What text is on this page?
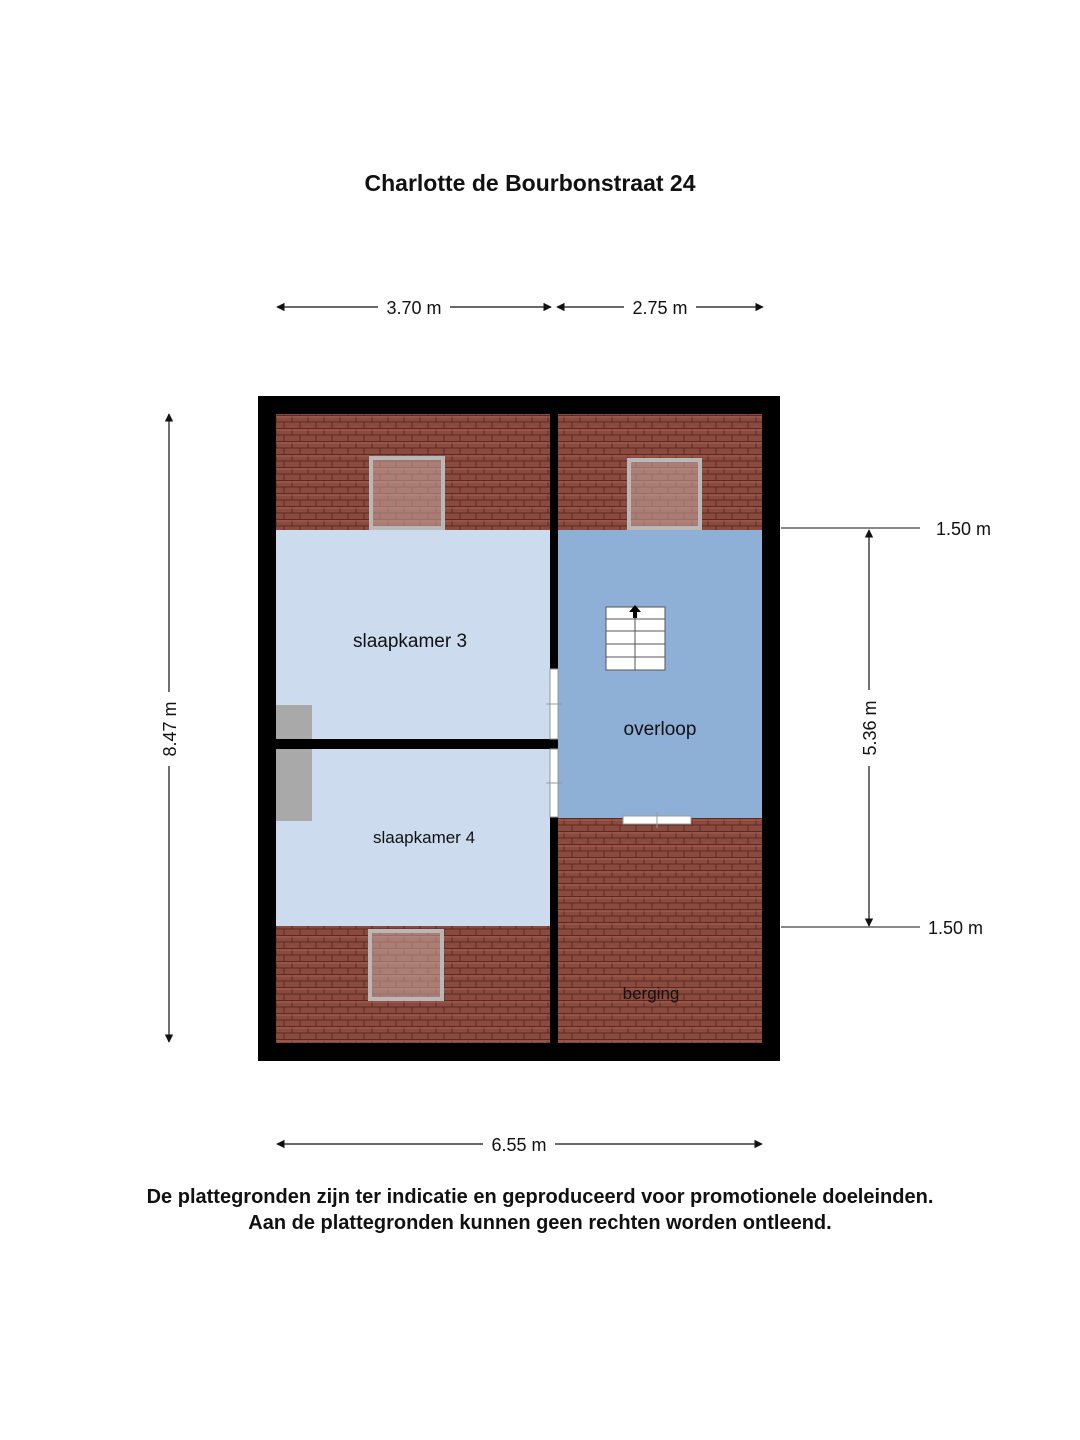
Charlotte de Bourbonstraat 24
slaapkamer 3
slaapkamer 4
overloop
berging
3.70 m	2.75 m
8.47 m	5.36 m
1.50 m
1.50 m
6.55 m
De plattegronden zijn ter indicatie en geproduceerd voor promotionele doeleinden.
Aan de plattegronden kunnen geen rechten worden ontleend.
